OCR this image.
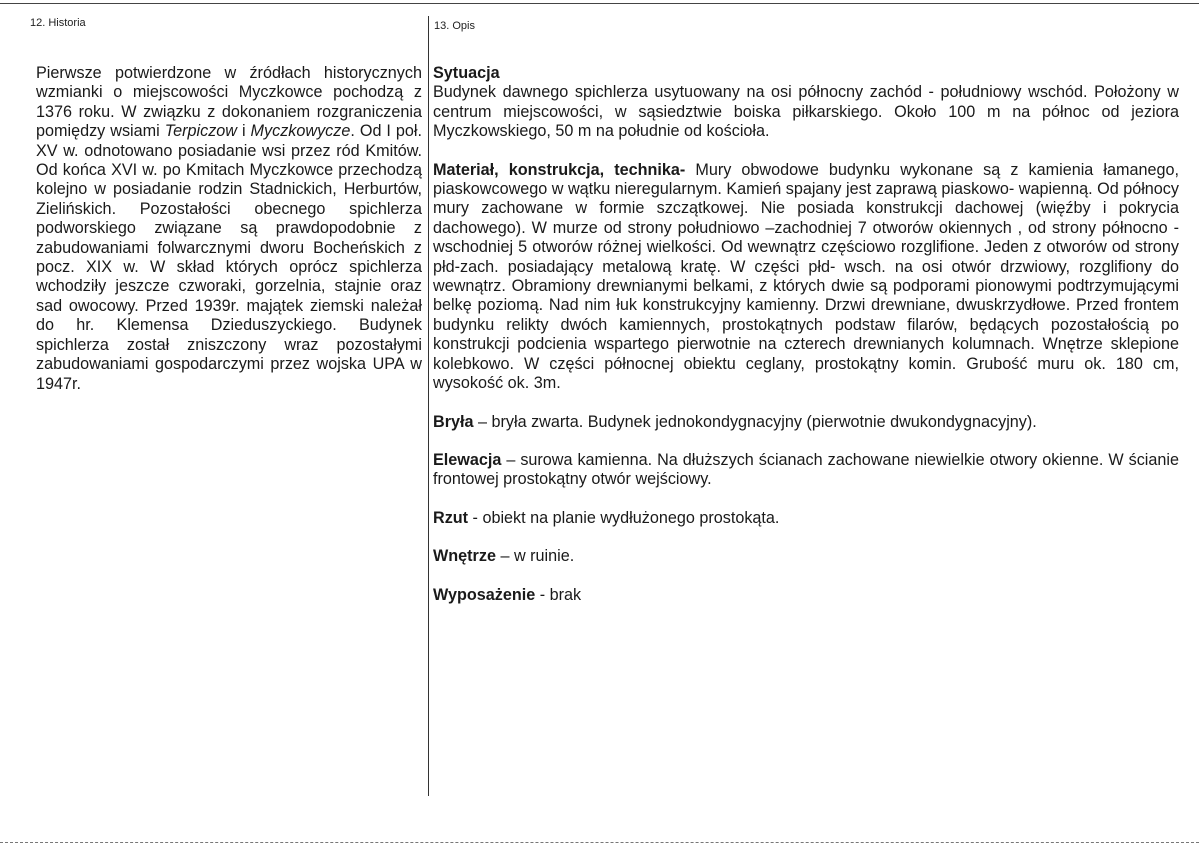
12. Historia	13. Opis
Pierwsze potwierdzone w źródłach historycznych wzmianki o miejscowości Myczkowce pochodzą z 1376 roku. W związku z dokonaniem rozgraniczenia pomiędzy wsiami Terpiczow i Myczkowycze. Od I poł. XV w. odnotowano posiadanie wsi przez ród Kmitów. Od końca XVI w. po Kmitach Myczkowce przechodzą kolejno w posiadanie rodzin Stadnickich, Herburtów, Zielińskich. Pozostałości obecnego spichlerza podworskiego związane są prawdopodobnie z zabudowaniami folwarcznymi dworu Bocheńskich z pocz. XIX w. W skład których oprócz spichlerza wchodziły jeszcze czworaki, gorzelnia, stajnie oraz sad owocowy. Przed 1939r. majątek ziemski należał do hr. Klemensa Dzieduszyckiego. Budynek spichlerza został zniszczony wraz pozostałymi zabudowaniami gospodarczymi przez wojska UPA w 1947r.

Sytuacja

Budynek dawnego spichlerza usytuowany na osi północny zachód - południowy wschód. Położony w centrum miejscowości, w sąsiedztwie boiska piłkarskiego. Około 100 m na północ od jeziora Myczkowskiego, 50 m na południe od kościoła.

Materiał, konstrukcja, technika- Mury obwodowe budynku wykonane są z kamienia łamanego, piaskowcowego w wątku nieregularnym. Kamień spajany jest zaprawą piaskowo- wapienną. Od północy mury zachowane w formie szczątkowej. Nie posiada konstrukcji dachowej (więźby i pokrycia dachowego). W murze od strony południowo –zachodniej 7 otworów okiennych , od strony północno - wschodniej 5 otworów różnej wielkości. Od wewnątrz częściowo rozglifione. Jeden z otworów od strony płd-zach. posiadający metalową kratę. W części płd- wsch. na osi otwór drzwiowy, rozglifiony do wewnątrz. Obramiony drewnianymi belkami, z których dwie są podporami pionowymi podtrzymującymi belkę poziomą. Nad nim łuk konstrukcyjny kamienny. Drzwi drewniane, dwuskrzydłowe. Przed frontem budynku relikty dwóch kamiennych, prostokątnych podstaw filarów, będących pozostałością po konstrukcji podcienia wspartego pierwotnie na czterech drewnianych kolumnach. Wnętrze sklepione kolebkowo. W części północnej obiektu ceglany, prostokątny komin. Grubość muru ok. 180 cm, wysokość ok. 3m.

Bryła – bryła zwarta. Budynek jednokondygnacyjny (pierwotnie dwukondygnacyjny).

Elewacja – surowa kamienna. Na dłuższych ścianach zachowane niewielkie otwory okienne. W ścianie frontowej prostokątny otwór wejściowy.

Rzut - obiekt na planie wydłużonego prostokąta.

Wnętrze – w ruinie.

Wyposażenie - brak
